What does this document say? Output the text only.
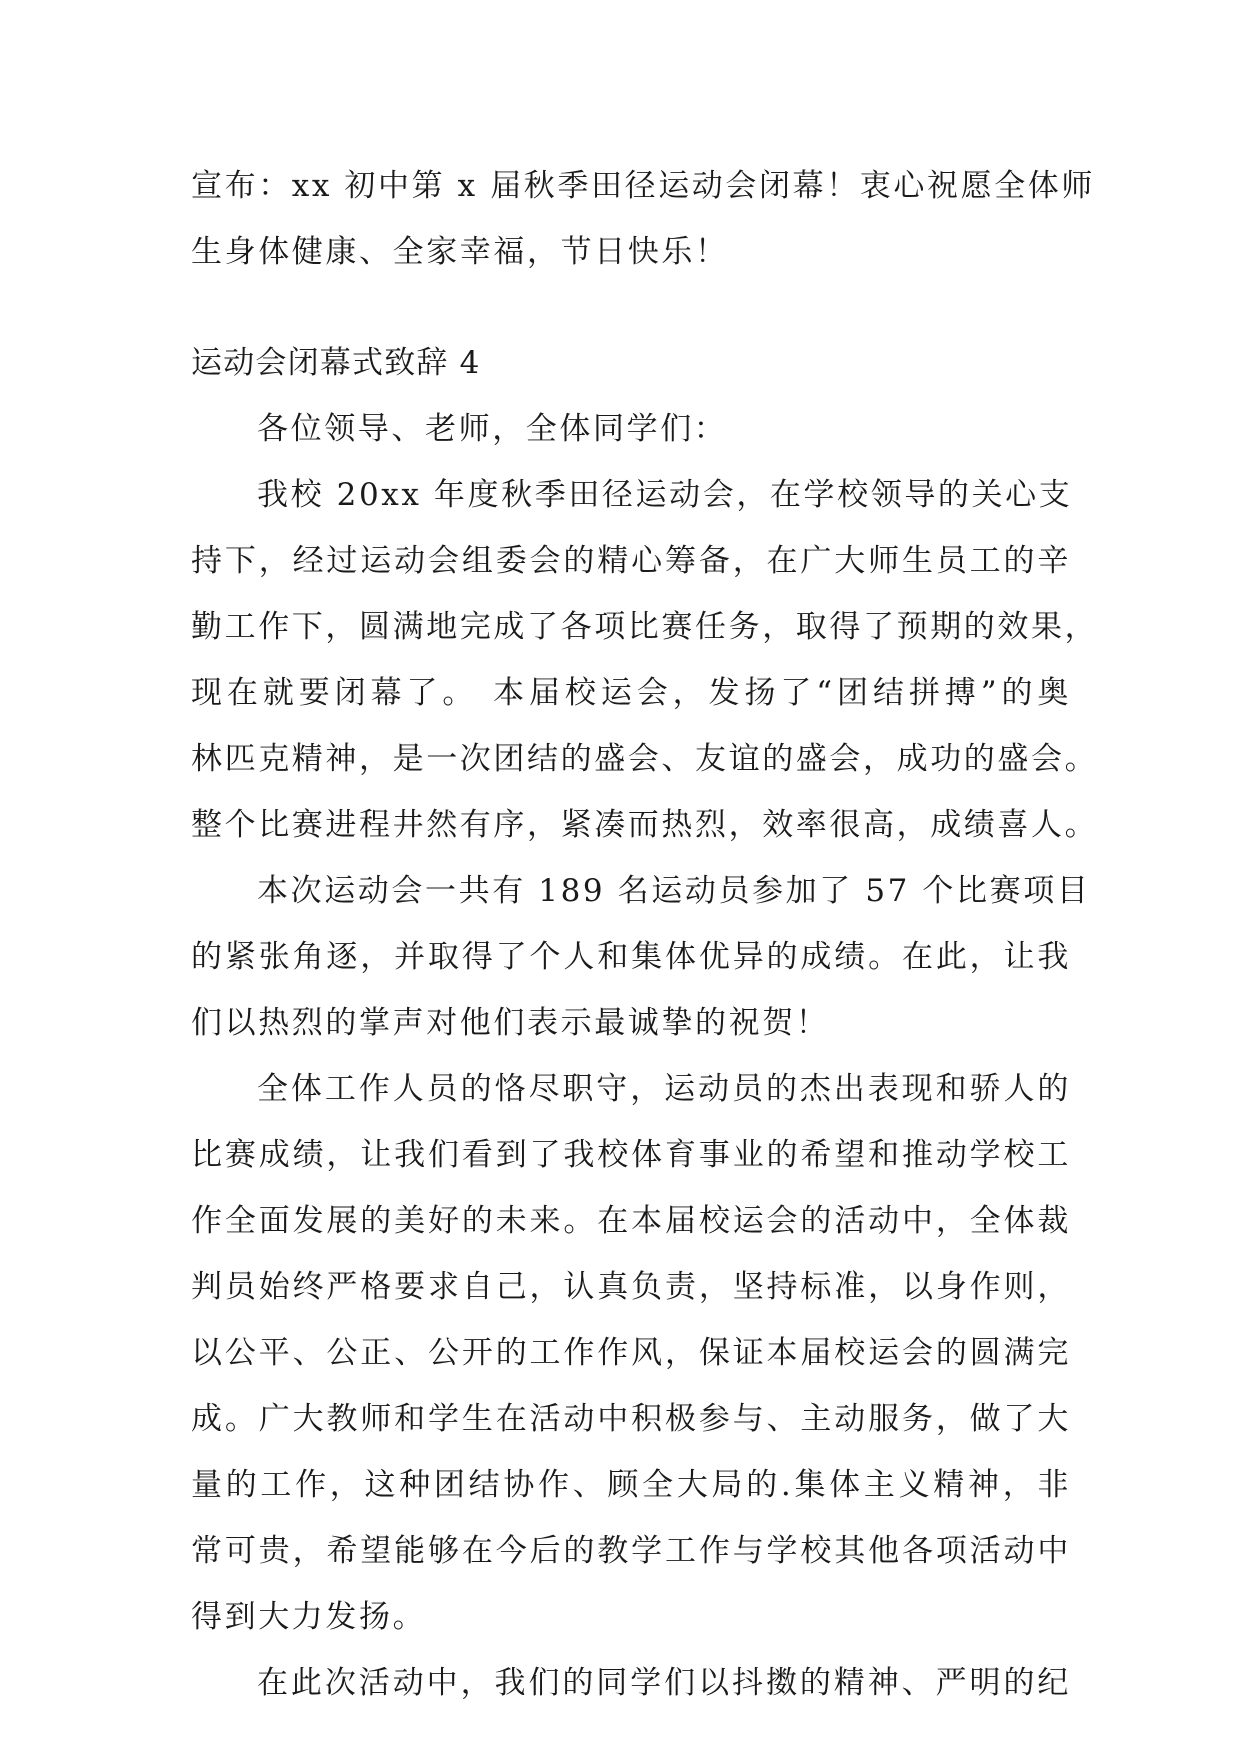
宣布：xx 初中第 x 届秋季田径运动会闭幕！衷心祝愿全体师
生身体健康、全家幸福，节日快乐！
运动会闭幕式致辞 4
各位领导、老师，全体同学们：
我校 20xx 年度秋季田径运动会，在学校领导的关心支
持下，经过运动会组委会的精心筹备，在广大师生员工的辛
勤工作下，圆满地完成了各项比赛任务，取得了预期的效果，
现在就要闭幕了。 本届校运会，发扬了“团结拼搏”的奥
林匹克精神，是一次团结的盛会、友谊的盛会，成功的盛会。
整个比赛进程井然有序，紧凑而热烈，效率很高，成绩喜人。
本次运动会一共有 189 名运动员参加了 57 个比赛项目
的紧张角逐，并取得了个人和集体优异的成绩。在此，让我
们以热烈的掌声对他们表示最诚挚的祝贺！
全体工作人员的恪尽职守，运动员的杰出表现和骄人的
比赛成绩，让我们看到了我校体育事业的希望和推动学校工
作全面发展的美好的未来。在本届校运会的活动中，全体裁
判员始终严格要求自己，认真负责，坚持标准，以身作则，
以公平、公正、公开的工作作风，保证本届校运会的圆满完
成。广大教师和学生在活动中积极参与、主动服务，做了大
量的工作，这种团结协作、顾全大局的.集体主义精神，非
常可贵，希望能够在今后的教学工作与学校其他各项活动中
得到大力发扬。
在此次活动中，我们的同学们以抖擞的精神、严明的纪
